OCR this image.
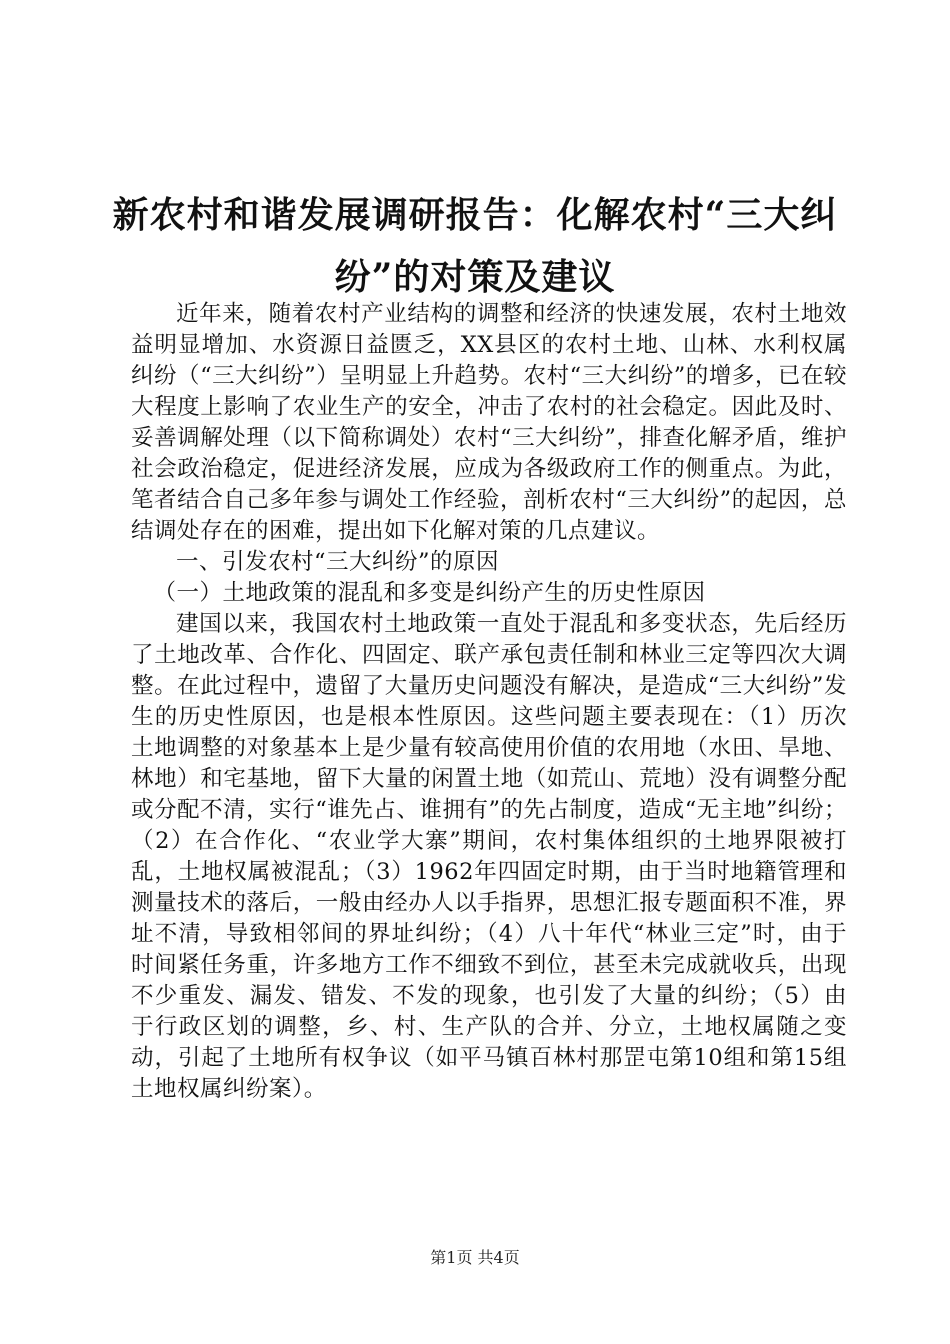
新农村和谐发展调研报告：化解农村“三大纠
纷”的对策及建议

近年来，随着农村产业结构的调整和经济的快速发展，农村土地效益明显增加、水资源日益匮乏，XX县区的农村土地、山林、水利权属纠纷（“三大纠纷”）呈明显上升趋势。农村“三大纠纷”的增多，已在较大程度上影响了农业生产的安全，冲击了农村的社会稳定。因此及时、妥善调解处理（以下简称调处）农村“三大纠纷”，排查化解矛盾，维护社会政治稳定，促进经济发展，应成为各级政府工作的侧重点。为此，笔者结合自己多年参与调处工作经验，剖析农村“三大纠纷”的起因，总结调处存在的困难，提出如下化解对策的几点建议。

一、引发农村“三大纠纷”的原因

（一）土地政策的混乱和多变是纠纷产生的历史性原因

建国以来，我国农村土地政策一直处于混乱和多变状态，先后经历了土地改革、合作化、四固定、联产承包责任制和林业三定等四次大调整。在此过程中，遗留了大量历史问题没有解决，是造成“三大纠纷”发生的历史性原因，也是根本性原因。这些问题主要表现在：（1）历次土地调整的对象基本上是少量有较高使用价值的农用地（水田、旱地、林地）和宅基地，留下大量的闲置土地（如荒山、荒地）没有调整分配或分配不清，实行“谁先占、谁拥有”的先占制度，造成“无主地”纠纷；（2）在合作化、“农业学大寨”期间，农村集体组织的土地界限被打乱，土地权属被混乱；（3）1962年四固定时期，由于当时地籍管理和测量技术的落后，一般由经办人以手指界，思想汇报专题面积不准，界址不清，导致相邻间的界址纠纷；（4）八十年代“林业三定”时，由于时间紧任务重，许多地方工作不细致不到位，甚至未完成就收兵，出现不少重发、漏发、错发、不发的现象，也引发了大量的纠纷；（5）由于行政区划的调整，乡、村、生产队的合并、分立，土地权属随之变动，引起了土地所有权争议（如平马镇百林村那罡屯第10组和第15组土地权属纠纷案）。

第1页 共4页
